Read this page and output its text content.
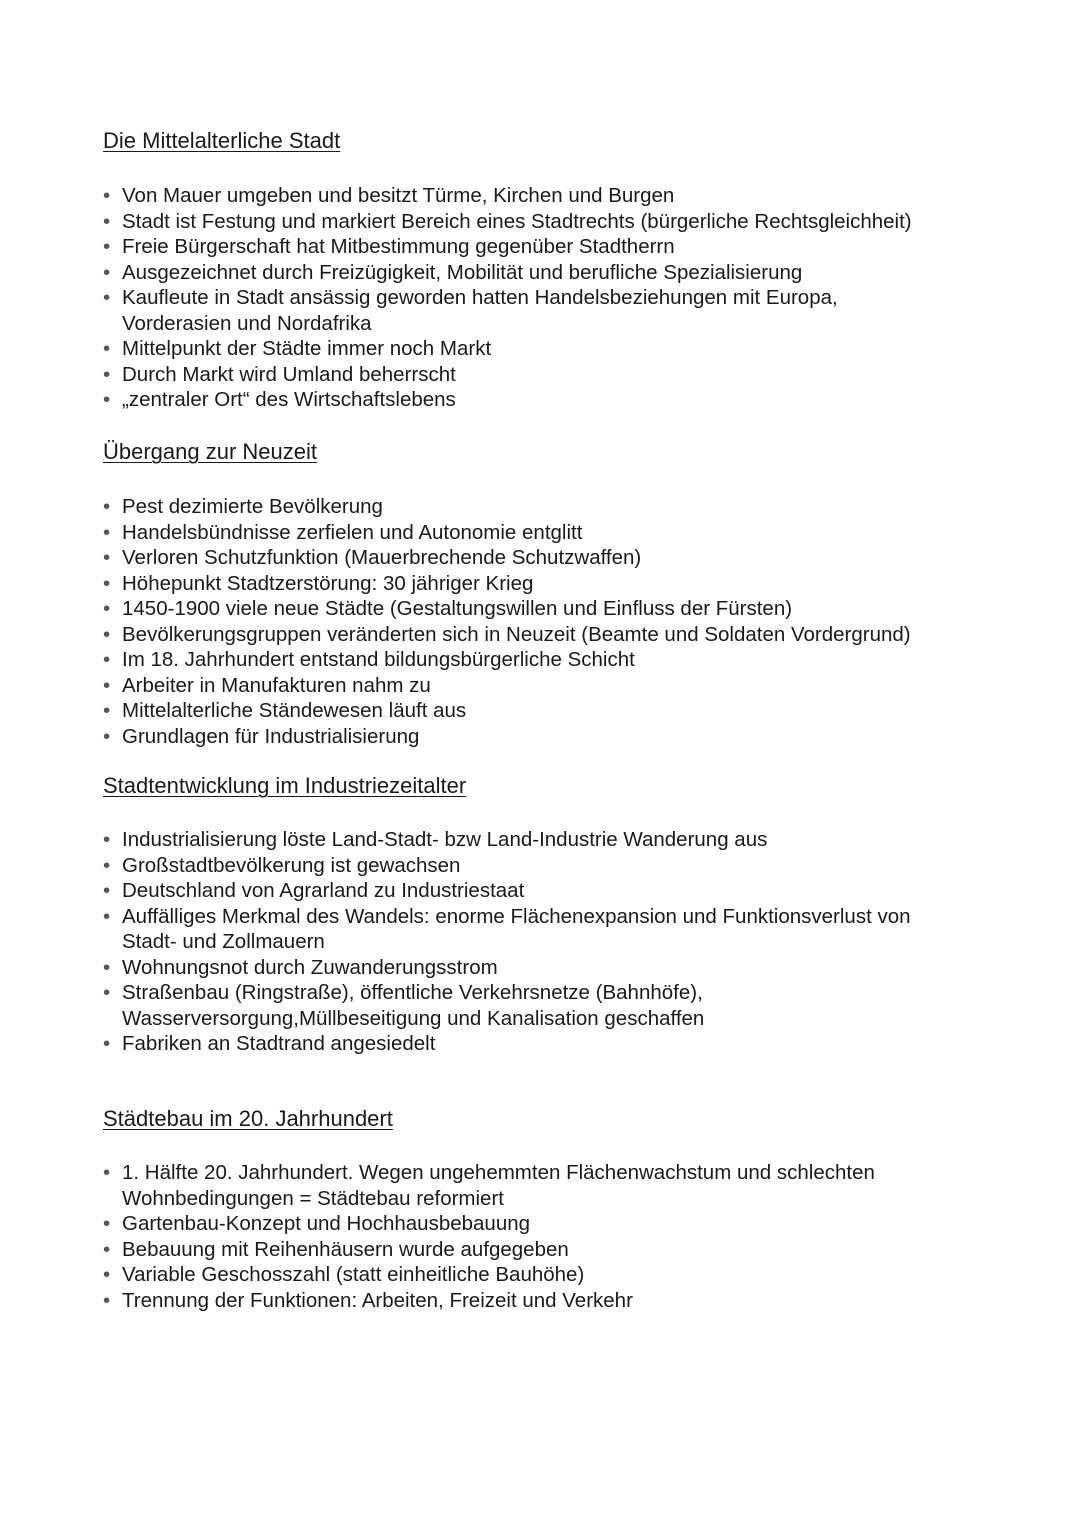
Die Mittelalterliche Stadt
• Von Mauer umgeben und besitzt Türme, Kirchen und Burgen
• Stadt ist Festung und markiert Bereich eines Stadtrechts (bürgerliche Rechtsgleichheit)
• Freie Bürgerschaft hat Mitbestimmung gegenüber Stadtherrn
• Ausgezeichnet durch Freizügigkeit, Mobilität und berufliche Spezialisierung
• Kaufleute in Stadt ansässig geworden hatten Handelsbeziehungen mit Europa,
Vorderasien und Nordafrika
• Mittelpunkt der Städte immer noch Markt
• Durch Markt wird Umland beherrscht
• „zentraler Ort“ des Wirtschaftslebens
Übergang zur Neuzeit
• Pest dezimierte Bevölkerung
• Handelsbündnisse zerfielen und Autonomie entglitt
• Verloren Schutzfunktion (Mauerbrechende Schutzwaffen)
• Höhepunkt Stadtzerstörung: 30 jähriger Krieg
• 1450-1900 viele neue Städte (Gestaltungswillen und Einfluss der Fürsten)
• Bevölkerungsgruppen veränderten sich in Neuzeit (Beamte und Soldaten Vordergrund)
• Im 18. Jahrhundert entstand bildungsbürgerliche Schicht
• Arbeiter in Manufakturen nahm zu
• Mittelalterliche Ständewesen läuft aus
• Grundlagen für Industrialisierung
Stadtentwicklung im Industriezeitalter
• Industrialisierung löste Land-Stadt- bzw Land-Industrie Wanderung aus
• Großstadtbevölkerung ist gewachsen
• Deutschland von Agrarland zu Industriestaat
• Auffälliges Merkmal des Wandels: enorme Flächenexpansion und Funktionsverlust von
Stadt- und Zollmauern
• Wohnungsnot durch Zuwanderungsstrom
• Straßenbau (Ringstraße), öffentliche Verkehrsnetze (Bahnhöfe),
Wasserversorgung,Müllbeseitigung und Kanalisation geschaffen
• Fabriken an Stadtrand angesiedelt
Städtebau im 20. Jahrhundert
• 1. Hälfte 20. Jahrhundert. Wegen ungehemmten Flächenwachstum und schlechten
Wohnbedingungen = Städtebau reformiert
• Gartenbau-Konzept und Hochhausbebauung
• Bebauung mit Reihenhäusern wurde aufgegeben
• Variable Geschosszahl (statt einheitliche Bauhöhe)
• Trennung der Funktionen: Arbeiten, Freizeit und Verkehr
